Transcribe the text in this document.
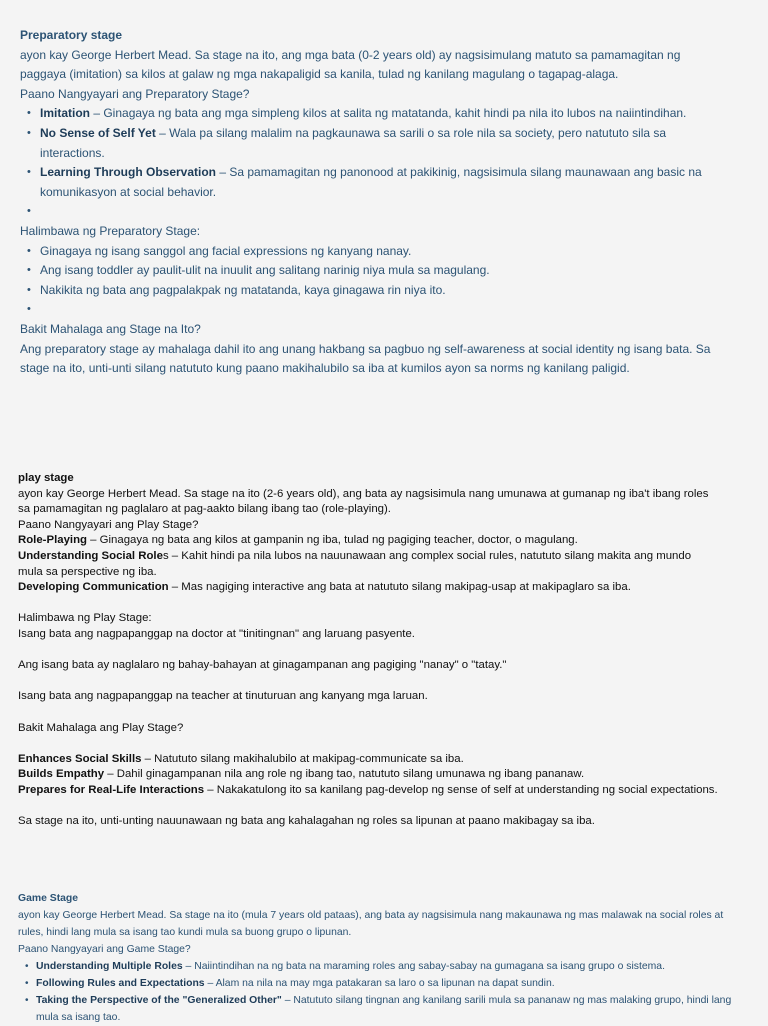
Preparatory stage

ayon kay George Herbert Mead. Sa stage na ito, ang mga bata (0-2 years old) ay nagsisimulang matuto sa pamamagitan ng paggaya (imitation) sa kilos at galaw ng mga nakapaligid sa kanila, tulad ng kanilang magulang o tagapag-alaga.

Paano Nangyayari ang Preparatory Stage?

• Imitation – Ginagaya ng bata ang mga simpleng kilos at salita ng matatanda, kahit hindi pa nila ito lubos na naiintindihan.
• No Sense of Self Yet – Wala pa silang malalim na pagkaunawa sa sarili o sa role nila sa society, pero natututo sila sa interactions.
• Learning Through Observation – Sa pamamagitan ng panonood at pakikinig, nagsisimula silang maunawaan ang basic na komunikasyon at social behavior.
•

Halimbawa ng Preparatory Stage:

• Ginagaya ng isang sanggol ang facial expressions ng kanyang nanay.
• Ang isang toddler ay paulit-ulit na inuulit ang salitang narinig niya mula sa magulang.
• Nakikita ng bata ang pagpalakpak ng matatanda, kaya ginagawa rin niya ito.
•

Bakit Mahalaga ang Stage na Ito?

Ang preparatory stage ay mahalaga dahil ito ang unang hakbang sa pagbuo ng self-awareness at social identity ng isang bata. Sa stage na ito, unti-unti silang natututo kung paano makihalubilo sa iba at kumilos ayon sa norms ng kanilang paligid.

play stage

ayon kay George Herbert Mead. Sa stage na ito (2-6 years old), ang bata ay nagsisimula nang umunawa at gumanap ng iba't ibang roles sa pamamagitan ng paglalaro at pag-aakto bilang ibang tao (role-playing).

Paano Nangyayari ang Play Stage?

Role-Playing – Ginagaya ng bata ang kilos at gampanin ng iba, tulad ng pagiging teacher, doctor, o magulang.

Understanding Social Roles – Kahit hindi pa nila lubos na nauunawaan ang complex social rules, natututo silang makita ang mundo mula sa perspective ng iba.

Developing Communication – Mas nagiging interactive ang bata at natututo silang makipag-usap at makipaglaro sa iba.

Halimbawa ng Play Stage:

Isang bata ang nagpapanggap na doctor at "tinitingnan" ang laruang pasyente.

Ang isang bata ay naglalaro ng bahay-bahayan at ginagampanan ang pagiging "nanay" o "tatay."

Isang bata ang nagpapanggap na teacher at tinuturuan ang kanyang mga laruan.

Bakit Mahalaga ang Play Stage?

Enhances Social Skills – Natututo silang makihalubilo at makipag-communicate sa iba.

Builds Empathy – Dahil ginagampanan nila ang role ng ibang tao, natututo silang umunawa ng ibang pananaw.

Prepares for Real-Life Interactions – Nakakatulong ito sa kanilang pag-develop ng sense of self at understanding ng social expectations.

Sa stage na ito, unti-unting nauunawaan ng bata ang kahalagahan ng roles sa lipunan at paano makibagay sa iba.

Game Stage

ayon kay George Herbert Mead. Sa stage na ito (mula 7 years old pataas), ang bata ay nagsisimula nang makaunawa ng mas malawak na social roles at rules, hindi lang mula sa isang tao kundi mula sa buong grupo o lipunan.

Paano Nangyayari ang Game Stage?

• Understanding Multiple Roles – Naiintindihan na ng bata na maraming roles ang sabay-sabay na gumagana sa isang grupo o sistema.
• Following Rules and Expectations – Alam na nila na may mga patakaran sa laro o sa lipunan na dapat sundin.
• Taking the Perspective of the "Generalized Other" – Natututo silang tingnan ang kanilang sarili mula sa pananaw ng mas malaking grupo, hindi lang mula sa isang tao.
